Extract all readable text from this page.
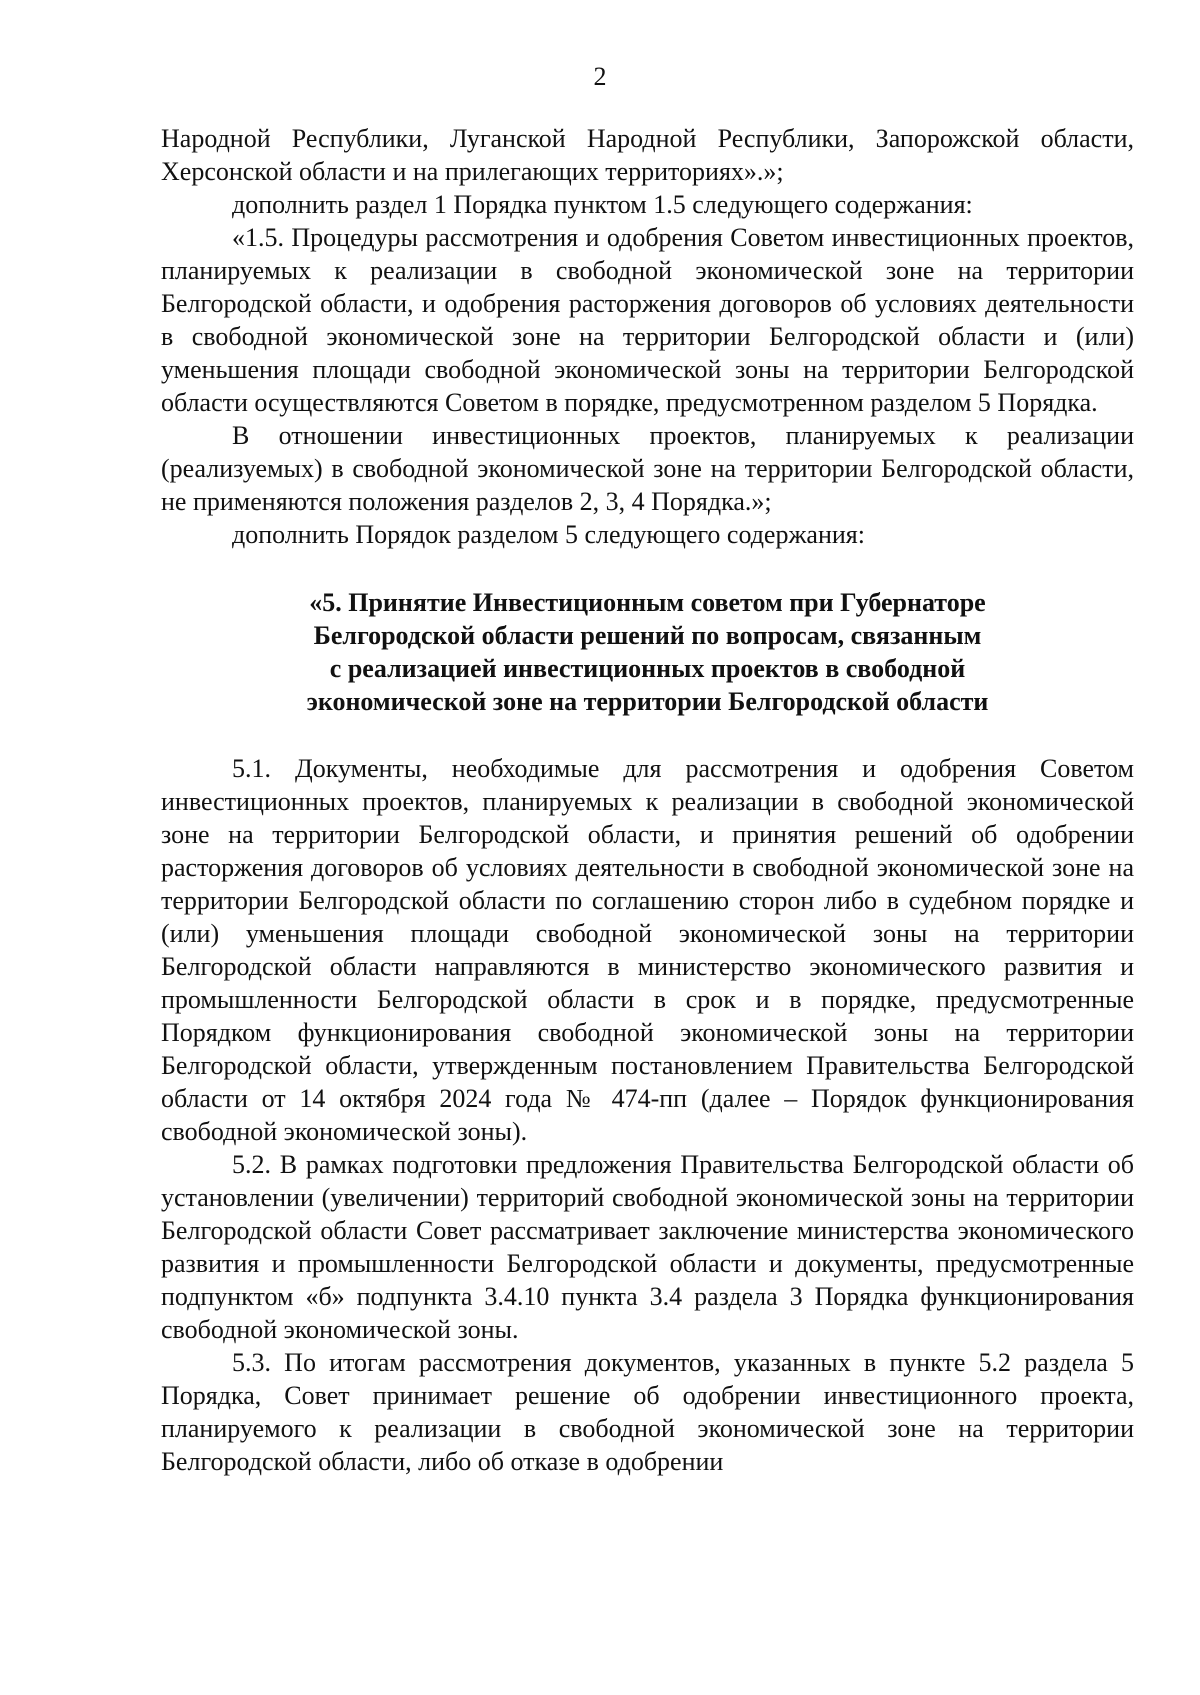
2

Народной Республики, Луганской Народной Республики, Запорожской области, Херсонской области и на прилегающих территориях».»;

дополнить раздел 1 Порядка пунктом 1.5 следующего содержания:

«1.5. Процедуры рассмотрения и одобрения Советом инвестиционных проектов, планируемых к реализации в свободной экономической зоне на территории Белгородской области, и одобрения расторжения договоров об условиях деятельности в свободной экономической зоне на территории Белгородской области и (или) уменьшения площади свободной экономической зоны на территории Белгородской области осуществляются Советом в порядке, предусмотренном разделом 5 Порядка.

В отношении инвестиционных проектов, планируемых к реализации (реализуемых) в свободной экономической зоне на территории Белгородской области, не применяются положения разделов 2, 3, 4 Порядка.»;

дополнить Порядок разделом 5 следующего содержания:

«5. Принятие Инвестиционным советом при Губернаторе
Белгородской области решений по вопросам, связанным
с реализацией инвестиционных проектов в свободной
экономической зоне на территории Белгородской области

5.1. Документы, необходимые для рассмотрения и одобрения Советом инвестиционных проектов, планируемых к реализации в свободной экономической зоне на территории Белгородской области, и принятия решений об одобрении расторжения договоров об условиях деятельности в свободной экономической зоне на территории Белгородской области по соглашению сторон либо в судебном порядке и (или) уменьшения площади свободной экономической зоны на территории Белгородской области направляются в министерство экономического развития и промышленности Белгородской области в срок и в порядке, предусмотренные Порядком функционирования свободной экономической зоны на территории Белгородской области, утвержденным постановлением Правительства Белгородской области от 14 октября 2024 года № 474-пп (далее – Порядок функционирования свободной экономической зоны).

5.2. В рамках подготовки предложения Правительства Белгородской области об установлении (увеличении) территорий свободной экономической зоны на территории Белгородской области Совет рассматривает заключение министерства экономического развития и промышленности Белгородской области и документы, предусмотренные подпунктом «б» подпункта 3.4.10 пункта 3.4 раздела 3 Порядка функционирования свободной экономической зоны.

5.3. По итогам рассмотрения документов, указанных в пункте 5.2 раздела 5 Порядка, Совет принимает решение об одобрении инвестиционного проекта, планируемого к реализации в свободной экономической зоне на территории Белгородской области, либо об отказе в одобрении
